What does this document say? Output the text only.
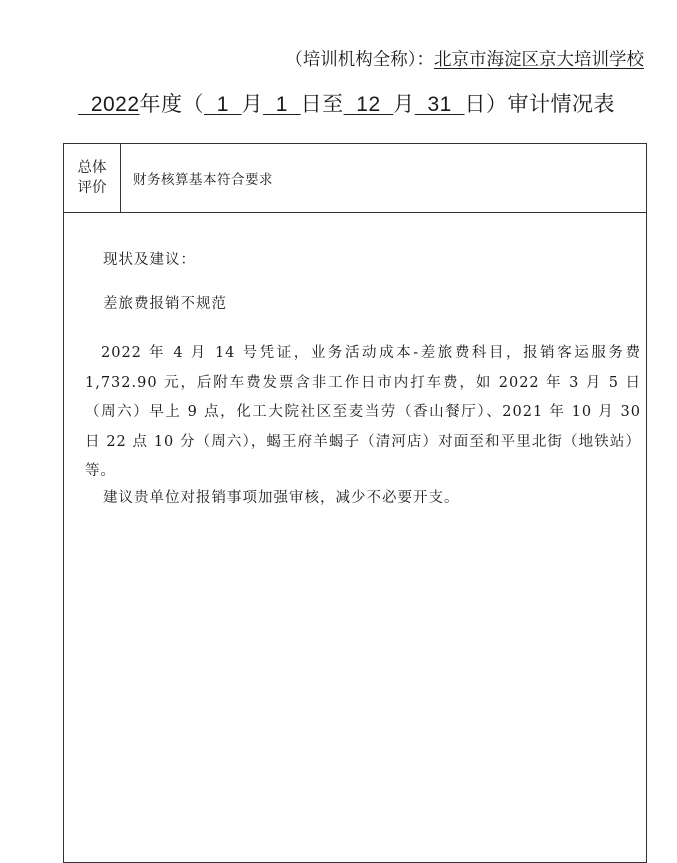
（培训机构全称）：北京市海淀区京大培训学校
2022年度（ 1 月 1 日至 12 月 31 日）审计情况表
总体
评价	财务核算基本符合要求
现状及建议：
差旅费报销不规范
2022 年 4 月 14 号凭证，业务活动成本-差旅费科目，报销客运服务费 1,732.90 元，后附车费发票含非工作日市内打车费，如 2022 年 3 月 5 日（周六）早上 9 点，化工大院社区至麦当劳（香山餐厅）、2021 年 10 月 30 日 22 点 10 分（周六），蝎王府羊蝎子（清河店）对面至和平里北街（地铁站）等。
建议贵单位对报销事项加强审核，减少不必要开支。
